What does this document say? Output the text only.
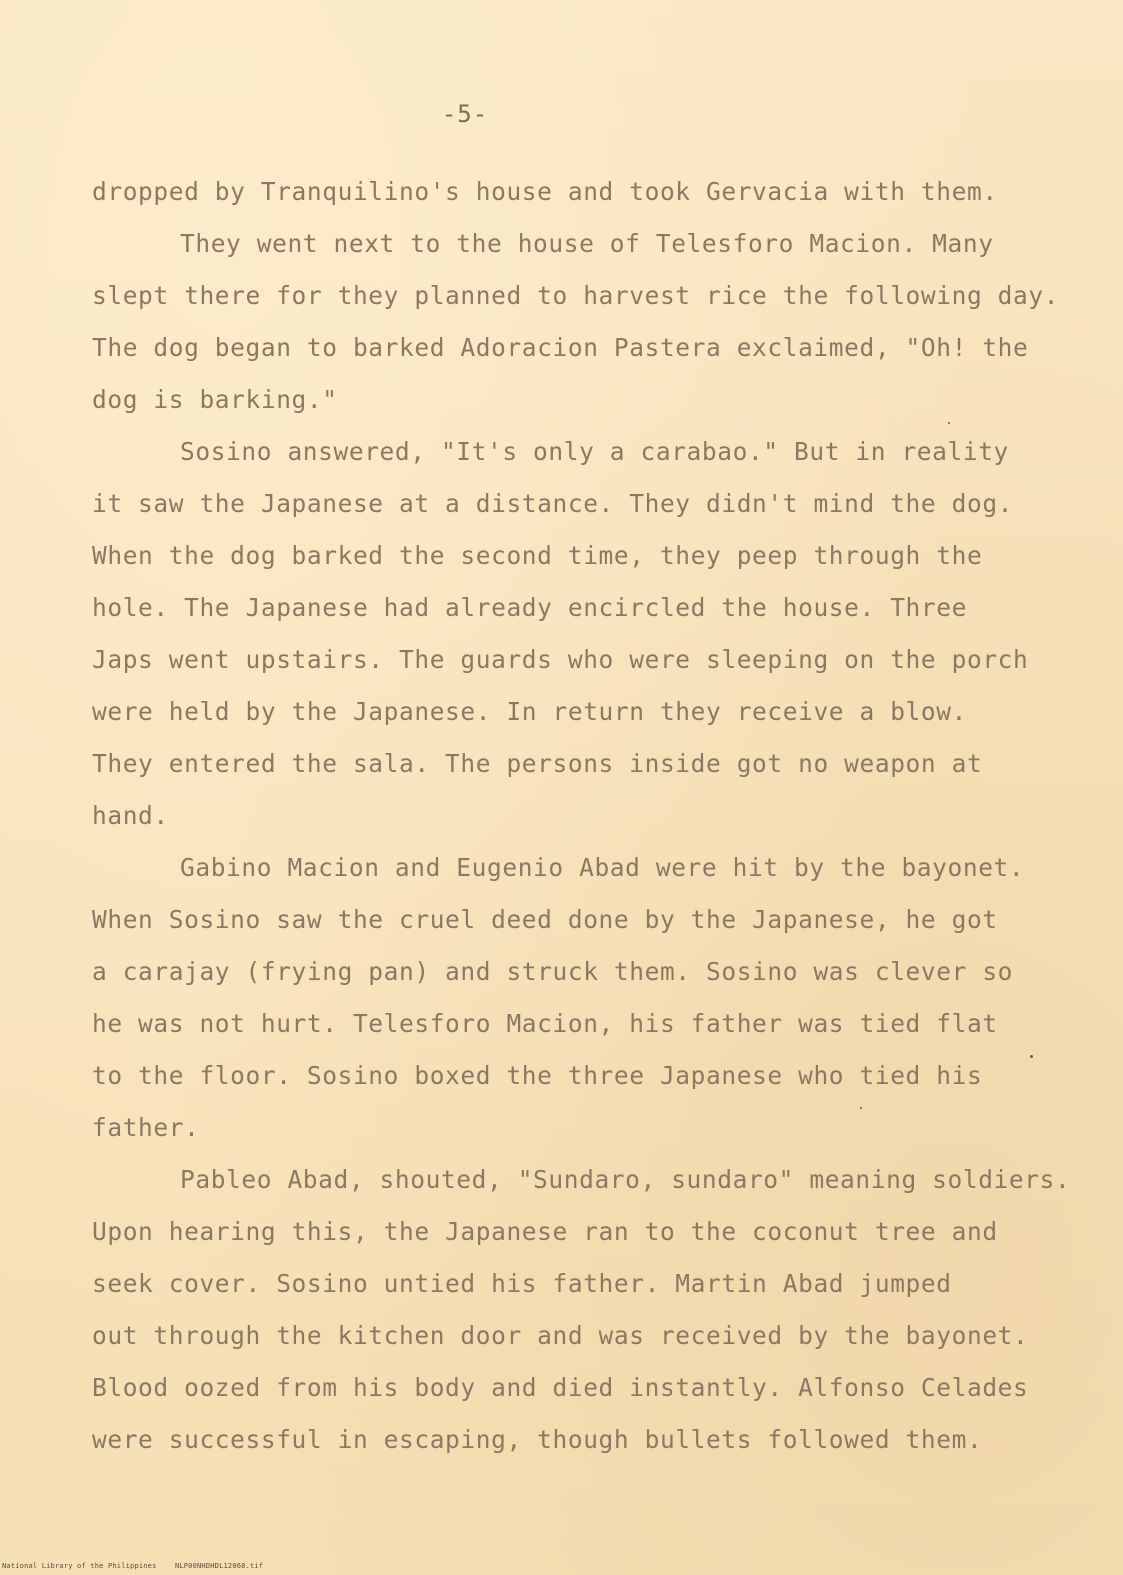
-5-
dropped by Tranquilino's house and took Gervacia with them.
They went next to the house of Telesforo Macion. Many
slept there for they planned to harvest rice the following day.
The dog began to barked Adoracion Pastera exclaimed, "Oh! the
dog is barking."
Sosino answered, "It's only a carabao." But in reality
it saw the Japanese at a distance. They didn't mind the dog.
When the dog barked the second time, they peep through the
hole. The Japanese had already encircled the house. Three
Japs went upstairs. The guards who were sleeping on the porch
were held by the Japanese. In return they receive a blow.
They entered the sala. The persons inside got no weapon at
hand.
Gabino Macion and Eugenio Abad were hit by the bayonet.
When Sosino saw the cruel deed done by the Japanese, he got
a carajay (frying pan) and struck them. Sosino was clever so
he was not hurt. Telesforo Macion, his father was tied flat
to the floor. Sosino boxed the three Japanese who tied his
father.
Pableo Abad, shouted, "Sundaro, sundaro" meaning soldiers.
Upon hearing this, the Japanese ran to the coconut tree and
seek cover. Sosino untied his father. Martin Abad jumped
out through the kitchen door and was received by the bayonet.
Blood oozed from his body and died instantly. Alfonso Celades
were successful in escaping, though bullets followed them.
National Library of the Philippines	NLP00NHDHDL12068.tif
